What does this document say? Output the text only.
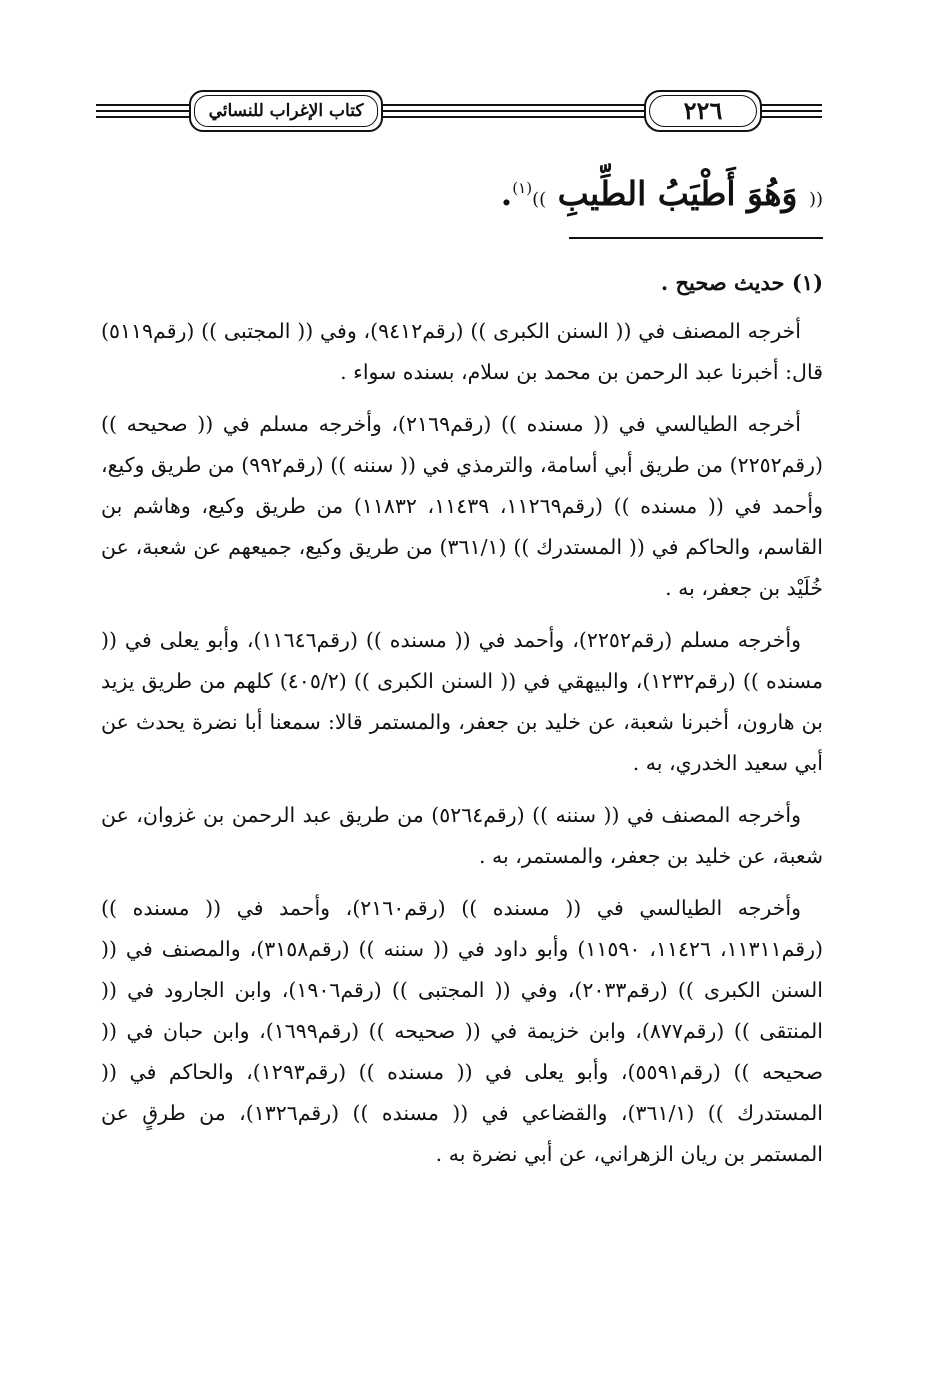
كتاب الإغراب للنسائي	٢٢٦
(( وَهُوَ أَطْيَبُ الطِّيبِ ))$^{(١)}$.

(١) حديث صحيح .

أخرجه المصنف في (( السنن الكبرى )) (رقم٩٤١٢)، وفي (( المجتبى )) (رقم٥١١٩) قال: أخبرنا عبد الرحمن بن محمد بن سلام، بسنده سواء .

أخرجه الطيالسي في (( مسنده )) (رقم٢١٦٩)، وأخرجه مسلم في (( صحيحه )) (رقم٢٢٥٢) من طريق أبي أسامة، والترمذي في (( سننه )) (رقم٩٩٢) من طريق وكيع، وأحمد في (( مسنده )) (رقم١١٢٦٩، ١١٤٣٩، ١١٨٣٢) من طريق وكيع، وهاشم بن القاسم، والحاكم في (( المستدرك )) (٣٦١/١) من طريق وكيع، جميعهم عن شعبة، عن خُلَيْد بن جعفر، به .

وأخرجه مسلم (رقم٢٢٥٢)، وأحمد في (( مسنده )) (رقم١١٦٤٦)، وأبو يعلى في (( مسنده )) (رقم١٢٣٢)، والبيهقي في (( السنن الكبرى )) (٤٠٥/٢) كلهم من طريق يزيد بن هارون، أخبرنا شعبة، عن خليد بن جعفر، والمستمر قالا: سمعنا أبا نضرة يحدث عن أبي سعيد الخدري، به .

وأخرجه المصنف في (( سننه )) (رقم٥٢٦٤) من طريق عبد الرحمن بن غزوان، عن شعبة، عن خليد بن جعفر، والمستمر، به .

وأخرجه الطيالسي في (( مسنده )) (رقم٢١٦٠)، وأحمد في (( مسنده )) (رقم١١٣١١، ١١٤٢٦، ١١٥٩٠) وأبو داود في (( سننه )) (رقم٣١٥٨)، والمصنف في (( السنن الكبرى )) (رقم٢٠٣٣)، وفي (( المجتبى )) (رقم١٩٠٦)، وابن الجارود في (( المنتقى )) (رقم٨٧٧)، وابن خزيمة في (( صحيحه )) (رقم١٦٩٩)، وابن حبان في (( صحيحه )) (رقم٥٥٩١)، وأبو يعلى في (( مسنده )) (رقم١٢٩٣)، والحاكم في (( المستدرك )) (٣٦١/١)، والقضاعي في (( مسنده )) (رقم١٣٢٦)، من طرقٍ عن المستمر بن ريان الزهراني، عن أبي نضرة به .
